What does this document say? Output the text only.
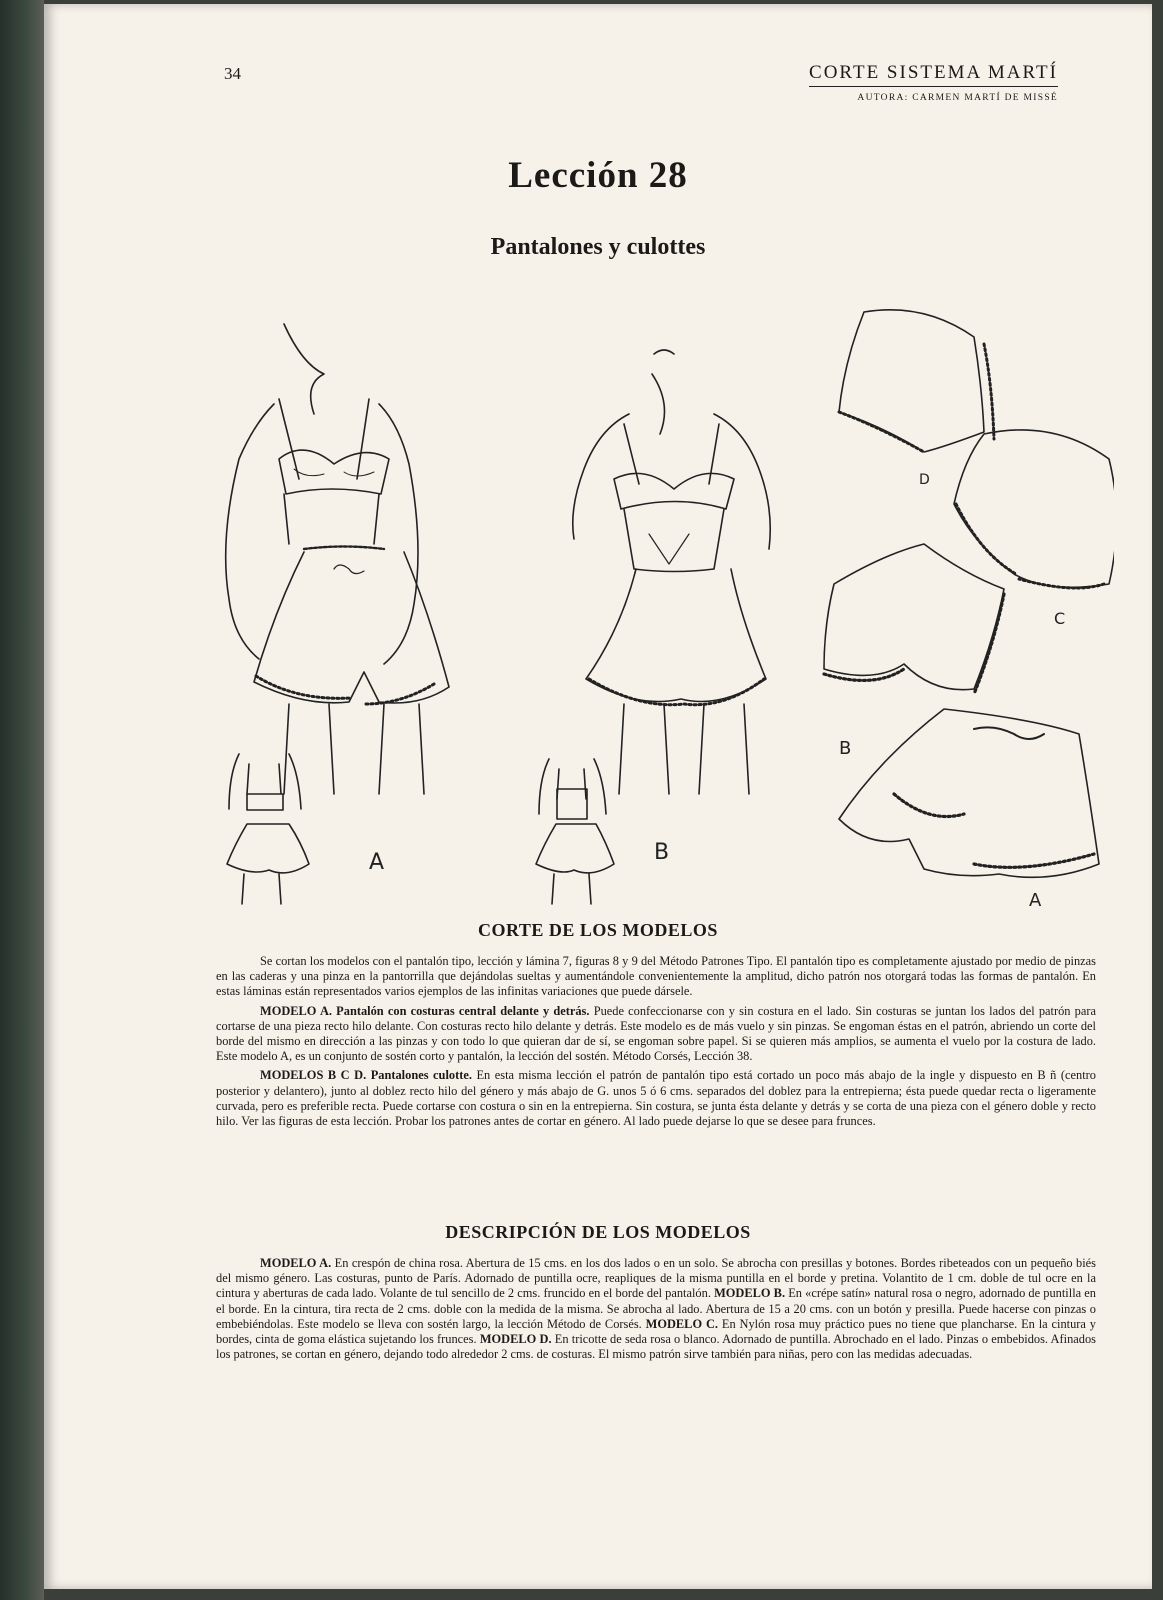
34	CORTE SISTEMA MARTÍ
AUTORA: CARMEN MARTÍ DE MISSÉ
Lección 28
Pantalones y culottes
A	B
D
C
B
A
CORTE DE LOS MODELOS

Se cortan los modelos con el pantalón tipo, lección y lámina 7, figuras 8 y 9 del Método Patrones Tipo. El pantalón tipo es completamente ajustado por medio de pinzas en las caderas y una pinza en la pantorrilla que dejándolas sueltas y aumentándole convenientemente la amplitud, dicho patrón nos otorgará todas las formas de pantalón. En estas láminas están representados varios ejemplos de las infinitas variaciones que puede dársele.

MODELO A. Pantalón con costuras central delante y detrás. Puede confeccionarse con y sin costura en el lado. Sin costuras se juntan los lados del patrón para cortarse de una pieza recto hilo delante. Con costuras recto hilo delante y detrás. Este modelo es de más vuelo y sin pinzas. Se engoman éstas en el patrón, abriendo un corte del borde del mismo en dirección a las pinzas y con todo lo que quieran dar de sí, se engoman sobre papel. Si se quieren más amplios, se aumenta el vuelo por la costura de lado. Este modelo A, es un conjunto de sostén corto y pantalón, la lección del sostén. Método Corsés, Lección 38.

MODELOS B C D. Pantalones culotte. En esta misma lección el patrón de pantalón tipo está cortado un poco más abajo de la ingle y dispuesto en B ñ (centro posterior y delantero), junto al doblez recto hilo del género y más abajo de G. unos 5 ó 6 cms. separados del doblez para la entrepierna; ésta puede quedar recta o ligeramente curvada, pero es preferible recta. Puede cortarse con costura o sin en la entrepierna. Sin costura, se junta ésta delante y detrás y se corta de una pieza con el género doble y recto hilo. Ver las figuras de esta lección. Probar los patrones antes de cortar en género. Al lado puede dejarse lo que se desee para frunces.

DESCRIPCIÓN DE LOS MODELOS

MODELO A. En crespón de china rosa. Abertura de 15 cms. en los dos lados o en un solo. Se abrocha con presillas y botones. Bordes ribeteados con un pequeño biés del mismo género. Las costuras, punto de París. Adornado de puntilla ocre, reapliques de la misma puntilla en el borde y pretina. Volantito de 1 cm. doble de tul ocre en la cintura y aberturas de cada lado. Volante de tul sencillo de 2 cms. fruncido en el borde del pantalón. MODELO B. En «crépe satín» natural rosa o negro, adornado de puntilla en el borde. En la cintura, tira recta de 2 cms. doble con la medida de la misma. Se abrocha al lado. Abertura de 15 a 20 cms. con un botón y presilla. Puede hacerse con pinzas o embebiéndolas. Este modelo se lleva con sostén largo, la lección Método de Corsés. MODELO C. En Nylón rosa muy práctico pues no tiene que plancharse. En la cintura y bordes, cinta de goma elástica sujetando los frunces. MODELO D. En tricotte de seda rosa o blanco. Adornado de puntilla. Abrochado en el lado. Pinzas o embebidos. Afinados los patrones, se cortan en género, dejando todo alrededor 2 cms. de costuras. El mismo patrón sirve también para niñas, pero con las medidas adecuadas.
